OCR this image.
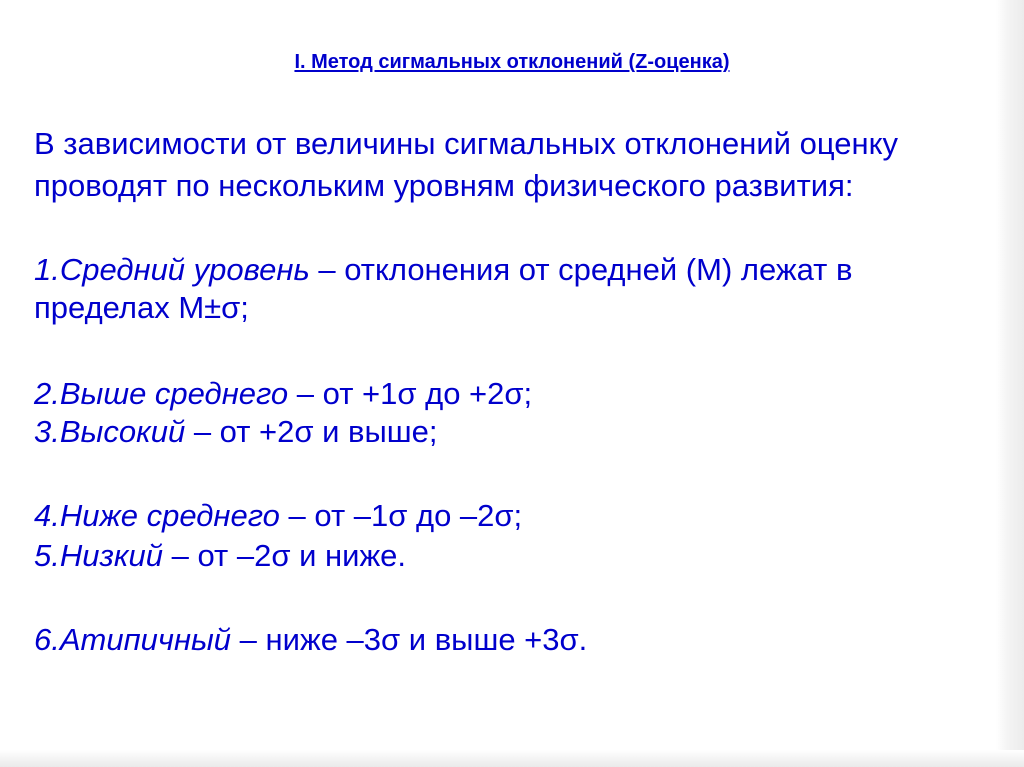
I. Метод сигмальных отклонений (Z-оценка)
В зависимости от величины сигмальных отклонений оценку
проводят по нескольким уровням физического развития:
1.Средний уровень – отклонения от средней (М) лежат в
пределах M±σ;
2.Выше среднего – от +1σ до +2σ;
3.Высокий – от +2σ и выше;
4.Ниже среднего – от –1σ до –2σ;
5.Низкий – от –2σ и ниже.
6.Атипичный – ниже –3σ и выше +3σ.
